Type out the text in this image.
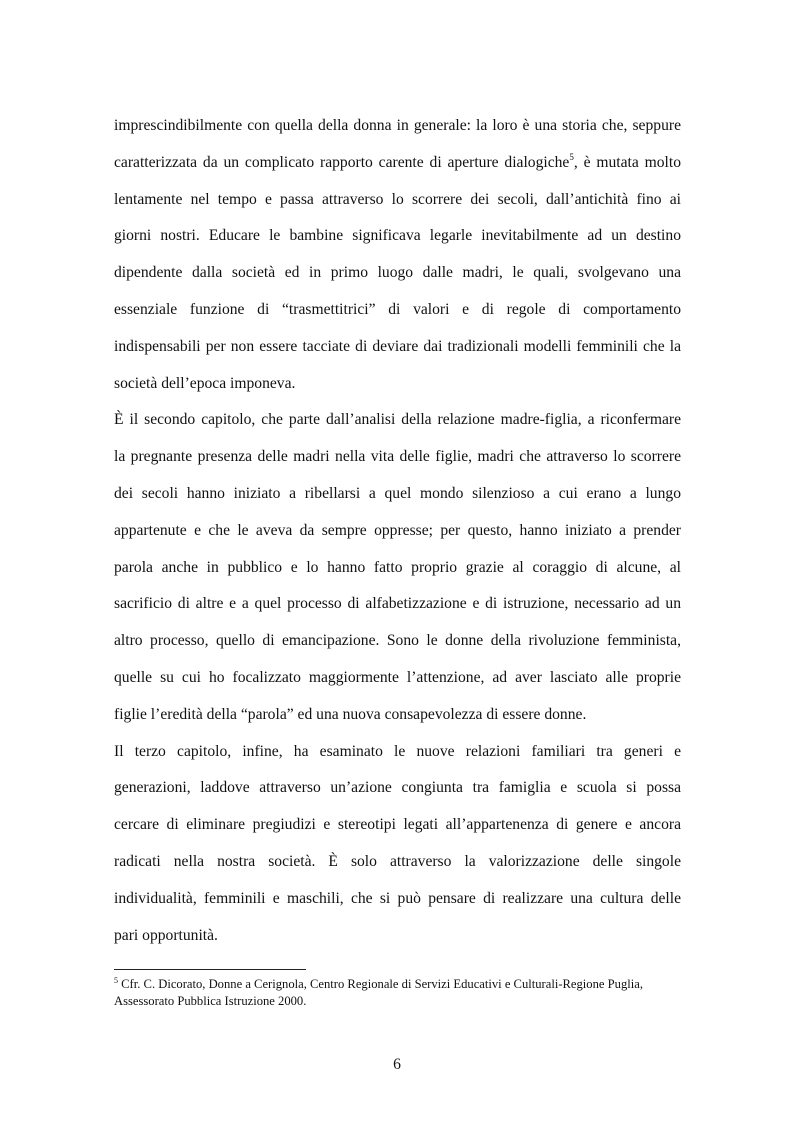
imprescindibilmente con quella della donna in generale: la loro è una storia che, seppure
caratterizzata da un complicato rapporto carente di aperture dialogiche$^5$, è mutata molto
lentamente nel tempo e passa attraverso lo scorrere dei secoli, dall’antichità fino ai
giorni nostri. Educare le bambine significava legarle inevitabilmente ad un destino
dipendente dalla società ed in primo luogo dalle madri, le quali, svolgevano una
essenziale funzione di “trasmettitrici” di valori e di regole di comportamento
indispensabili per non essere tacciate di deviare dai tradizionali modelli femminili che la
società dell’epoca imponeva.
È il secondo capitolo, che parte dall’analisi della relazione madre-figlia, a riconfermare
la pregnante presenza delle madri nella vita delle figlie, madri che attraverso lo scorrere
dei secoli hanno iniziato a ribellarsi a quel mondo silenzioso a cui erano a lungo
appartenute e che le aveva da sempre oppresse; per questo, hanno iniziato a prender
parola anche in pubblico e lo hanno fatto proprio grazie al coraggio di alcune, al
sacrificio di altre e a quel processo di alfabetizzazione e di istruzione, necessario ad un
altro processo, quello di emancipazione. Sono le donne della rivoluzione femminista,
quelle su cui ho focalizzato maggiormente l’attenzione, ad aver lasciato alle proprie
figlie l’eredità della “parola” ed una nuova consapevolezza di essere donne.
Il terzo capitolo, infine, ha esaminato le nuove relazioni familiari tra generi e
generazioni, laddove attraverso un’azione congiunta tra famiglia e scuola si possa
cercare di eliminare pregiudizi e stereotipi legati all’appartenenza di genere e ancora
radicati nella nostra società. È solo attraverso la valorizzazione delle singole
individualità, femminili e maschili, che si può pensare di realizzare una cultura delle
pari opportunità.
$^5$ Cfr. C. Dicorato, Donne a Cerignola, Centro Regionale di Servizi Educativi e Culturali-Regione Puglia,
Assessorato Pubblica Istruzione 2000.
6
